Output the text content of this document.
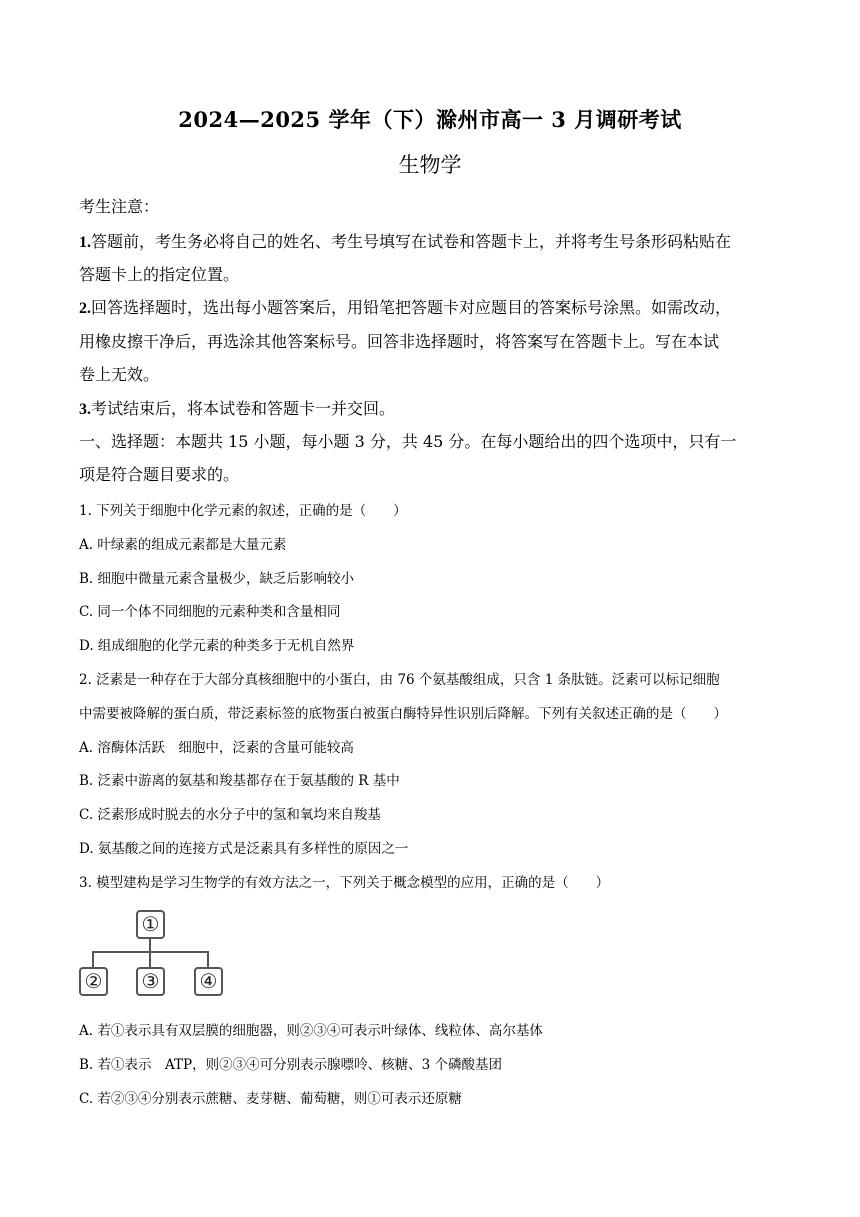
2024—2025 学年（下）滁州市高一 3 月调研考试
生物学
考生注意：
1.答题前，考生务必将自己的姓名、考生号填写在试卷和答题卡上，并将考生号条形码粘贴在
答题卡上的指定位置。
2.回答选择题时，选出每小题答案后，用铅笔把答题卡对应题目的答案标号涂黑。如需改动，
用橡皮擦干净后，再选涂其他答案标号。回答非选择题时，将答案写在答题卡上。写在本试
卷上无效。
3.考试结束后，将本试卷和答题卡一并交回。
一、选择题：本题共 15 小题，每小题 3 分，共 45 分。在每小题给出的四个选项中，只有一
项是符合题目要求的。
1. 下列关于细胞中化学元素的叙述，正确的是（　　）
A. 叶绿素的组成元素都是大量元素
B. 细胞中微量元素含量极少，缺乏后影响较小
C. 同一个体不同细胞的元素种类和含量相同
D. 组成细胞的化学元素的种类多于无机自然界
2. 泛素是一种存在于大部分真核细胞中的小蛋白，由 76 个氨基酸组成，只含 1 条肽链。泛素可以标记细胞
中需要被降解的蛋白质，带泛素标签的底物蛋白被蛋白酶特异性识别后降解。下列有关叙述正确的是（　　）
A. 溶酶体活跃　细胞中，泛素的含量可能较高
B. 泛素中游离的氨基和羧基都存在于氨基酸的 R 基中
C. 泛素形成时脱去的水分子中的氢和氧均来自羧基
D. 氨基酸之间的连接方式是泛素具有多样性的原因之一
3. 模型建构是学习生物学的有效方法之一，下列关于概念模型的应用，正确的是（　　）
①
② ③ ④
A. 若①表示具有双层膜的细胞器，则②③④可表示叶绿体、线粒体、高尔基体
B. 若①表示　ATP，则②③④可分别表示腺嘌呤、核糖、3 个磷酸基团
C. 若②③④分别表示蔗糖、麦芽糖、葡萄糖，则①可表示还原糖
